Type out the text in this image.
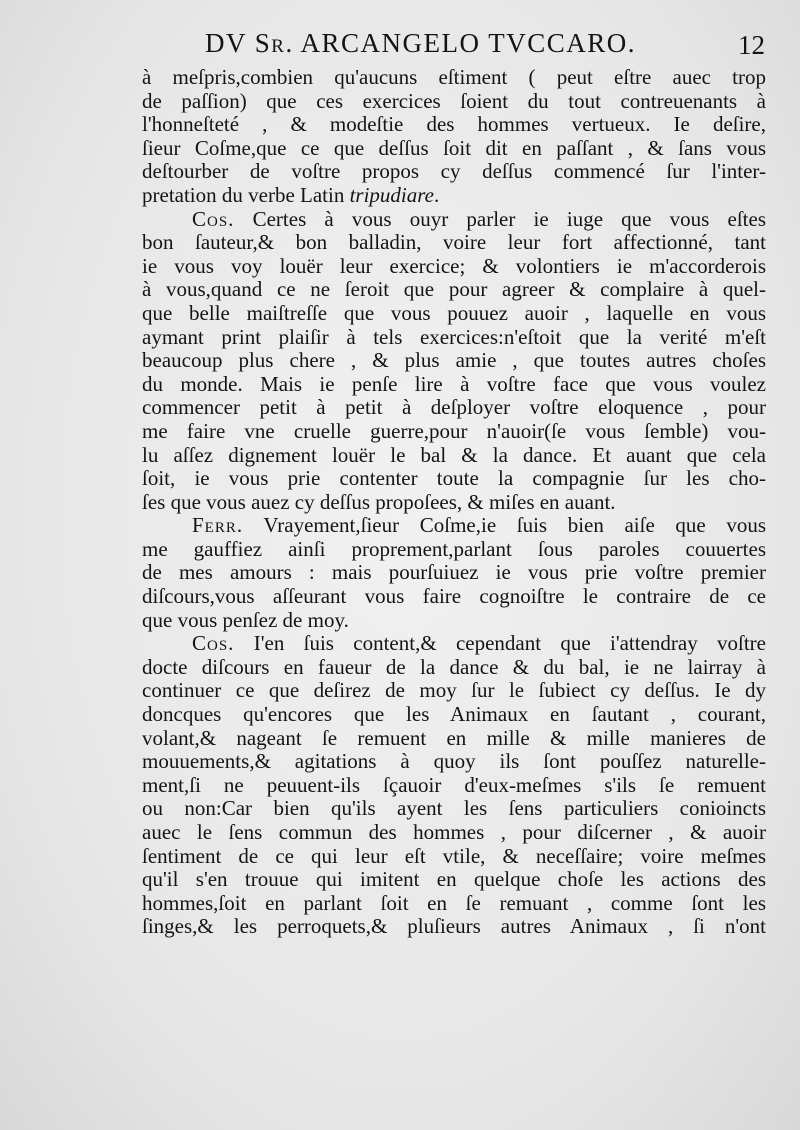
DV Sr. ARCANGELO TVCCARO.	12
à meſpris,combien qu'aucuns eſtiment ( peut eſtre auec trop
de paſſion) que ces exercices ſoient du tout contreuenants à
l'honneſteté , & modeſtie des hommes vertueux. Ie deſire,
ſieur Coſme,que ce que deſſus ſoit dit en paſſant , & ſans vous
deſtourber de voſtre propos cy deſſus commencé ſur l'inter-
pretation du verbe Latin tripudiare.
Cos. Certes à vous ouyr parler ie iuge que vous eſtes
bon ſauteur,& bon balladin, voire leur fort affectionné, tant
ie vous voy louër leur exercice; & volontiers ie m'accorderois
à vous,quand ce ne ſeroit que pour agreer & complaire à quel-
que belle maiſtreſſe que vous pouuez auoir , laquelle en vous
aymant print plaiſir à tels exercices:n'eſtoit que la verité m'eſt
beaucoup plus chere , & plus amie , que toutes autres choſes
du monde. Mais ie penſe lire à voſtre face que vous voulez
commencer petit à petit à deſployer voſtre eloquence , pour
me faire vne cruelle guerre,pour n'auoir(ſe vous ſemble) vou-
lu aſſez dignement louër le bal & la dance. Et auant que cela
ſoit, ie vous prie contenter toute la compagnie ſur les cho-
ſes que vous auez cy deſſus propoſees, & miſes en auant.
Ferr. Vrayement,ſieur Coſme,ie ſuis bien aiſe que vous
me gauffiez ainſi proprement,parlant ſous paroles couuertes
de mes amours : mais pourſuiuez ie vous prie voſtre premier
diſcours,vous aſſeurant vous faire cognoiſtre le contraire de ce
que vous penſez de moy.
Cos. I'en ſuis content,& cependant que i'attendray voſtre
docte diſcours en faueur de la dance & du bal, ie ne lairray à
continuer ce que deſirez de moy ſur le ſubiect cy deſſus. Ie dy
doncques qu'encores que les Animaux en ſautant , courant,
volant,& nageant ſe remuent en mille & mille manieres de
mouuements,& agitations à quoy ils ſont pouſſez naturelle-
ment,ſi ne peuuent-ils ſçauoir d'eux-meſmes s'ils ſe remuent
ou non:Car bien qu'ils ayent les ſens particuliers conioincts
auec le ſens commun des hommes , pour diſcerner , & auoir
ſentiment de ce qui leur eſt vtile, & neceſſaire; voire meſmes
qu'il s'en trouue qui imitent en quelque choſe les actions des
hommes,ſoit en parlant ſoit en ſe remuant , comme ſont les
ſinges,& les perroquets,& pluſieurs autres Animaux , ſi n'ont
